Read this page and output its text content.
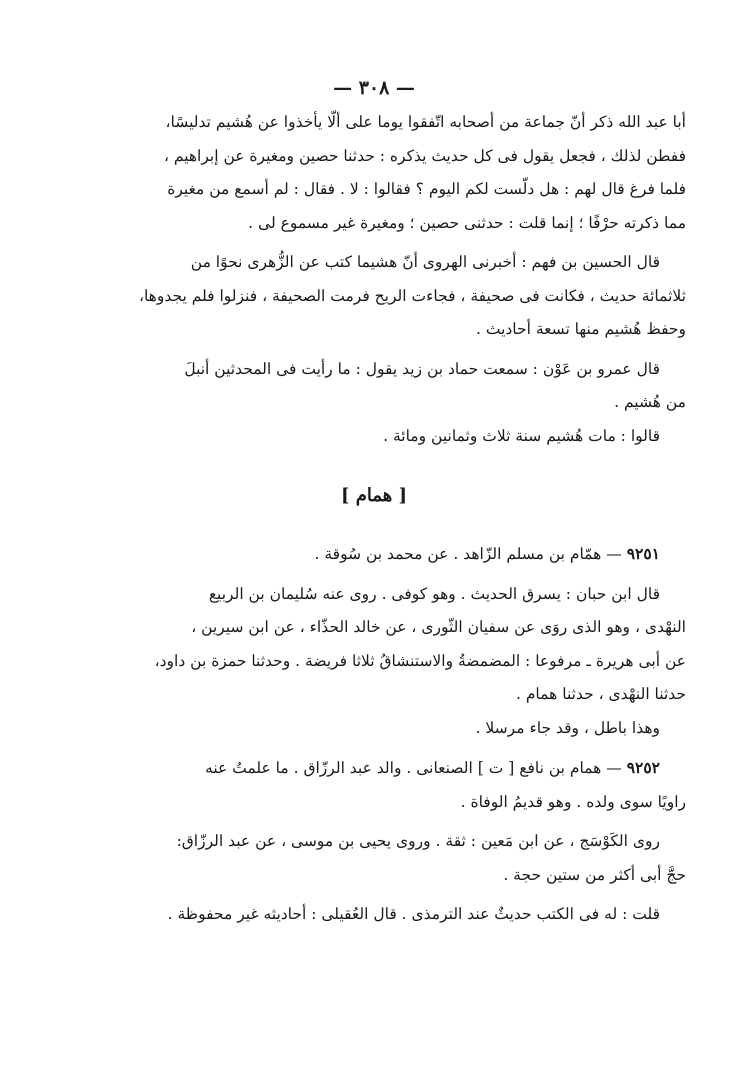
— ٣٠٨ —

أبا عبد الله ذكر أنّ جماعة من أصحابه اتّفقوا يوما على ألّا يأخذوا عن هُشيم تدليسًا،

ففطن لذلك ، فجعل يقول فى كل حديث يذكره : حدثنا حصين ومغيرة عن إبراهيم ،

فلما فرغ قال لهم : هل دلّست لكم اليوم ؟ فقالوا : لا . فقال : لم أسمع من مغيرة

مما ذكرته حرْفًا ؛ إنما قلت : حدثنى حصين ؛ ومغيرة غير مسموع لى .

قال الحسين بن فهم : أخبرنى الهروى أنّ هشيما كتب عن الزُّهرى نحوًا من

ثلاثمائة حديث ، فكانت فى صحيفة ، فجاءت الريح فرمت الصحيفة ، فنزلوا فلم يجدوها،

وحفظ هُشيم منها تسعة أحاديث .

قال عمرو بن عَوْن : سمعت حماد بن زيد يقول : ما رأيت فى المحدثين أنبلَ

من هُشيم .

قالوا : مات هُشيم سنة ثلاث وثمانين ومائة .

[ همام ]

٩٢٥١ — همّام بن مسلم الزّاهد . عن محمد بن سُوقة .

قال ابن حبان : يسرق الحديث . وهو كوفى . روى عنه سُليمان بن الربيع

النهْدى ، وهو الذى روَى عن سفيان الثّورى ، عن خالد الحذّاء ، عن ابن سيرين ،

عن أبى هريرة ـ مرفوعا : المضمضةُ والاستنشاقُ ثلاثا فريضة . وحدثنا حمزة بن داود،

حدثنا النهْدى ، حدثنا همام .

وهذا باطل ، وقد جاء مرسلا .

٩٢٥٢ — همام بن نافع [ ت ] الصنعانى . والد عبد الرزّاق . ما علمتُ عنه

راويًا سوى ولده . وهو قديمُ الوفاة .

روى الكَوْسَج ، عن ابن مَعين : ثقة . وروى يحيى بن موسى ، عن عبد الرزّاق:

حجَّ أبى أكثر من ستين حجة .

قلت : له فى الكتب حديثٌ عند الترمذى . قال العُقيلى : أحاديثه غير محفوظة .
